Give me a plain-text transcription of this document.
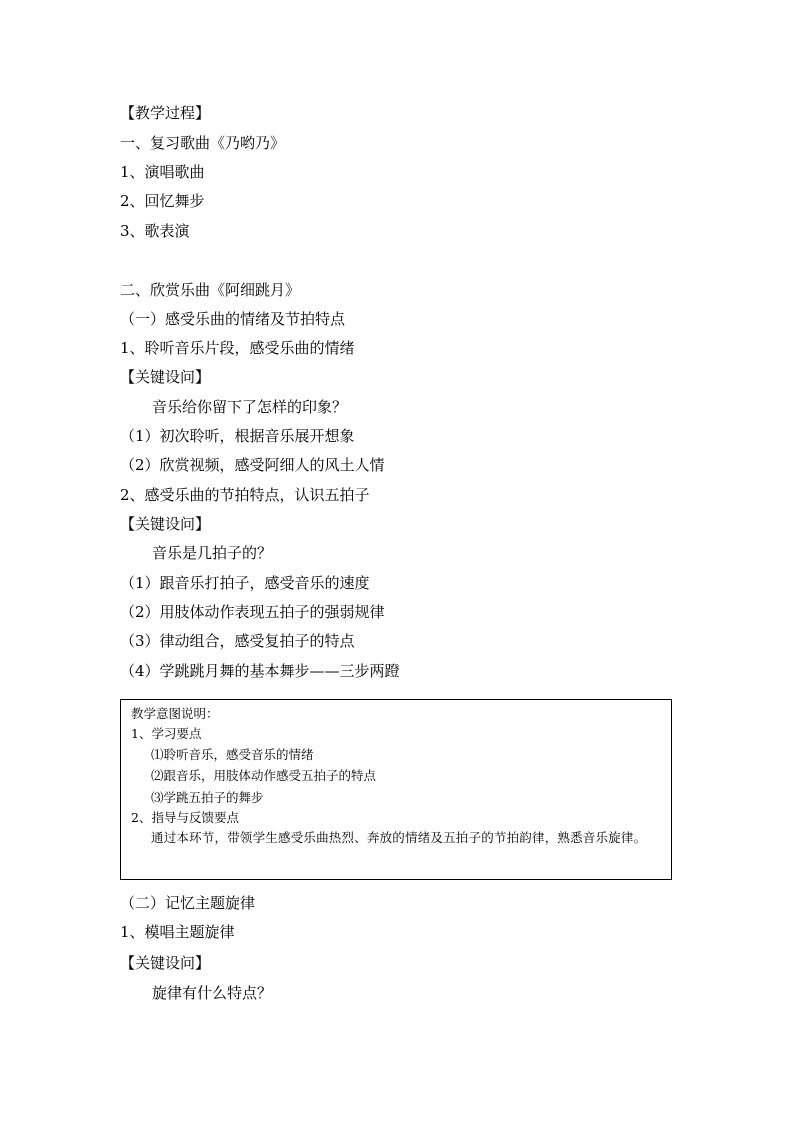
【教学过程】
一、复习歌曲《乃哟乃》
1、演唱歌曲
2、回忆舞步
3、歌表演
二、欣赏乐曲《阿细跳月》
（一）感受乐曲的情绪及节拍特点
1、聆听音乐片段，感受乐曲的情绪
【关键设问】
音乐给你留下了怎样的印象？
（1）初次聆听，根据音乐展开想象
（2）欣赏视频，感受阿细人的风土人情
2、感受乐曲的节拍特点，认识五拍子
【关键设问】
音乐是几拍子的？
（1）跟音乐打拍子，感受音乐的速度
（2）用肢体动作表现五拍子的强弱规律
（3）律动组合，感受复拍子的特点
（4）学跳跳月舞的基本舞步——三步两蹬
教学意图说明：
1、学习要点
⑴聆听音乐，感受音乐的情绪
⑵跟音乐，用肢体动作感受五拍子的特点
⑶学跳五拍子的舞步
2、指导与反馈要点
通过本环节，带领学生感受乐曲热烈、奔放的情绪及五拍子的节拍韵律，熟悉音乐旋律。
（二）记忆主题旋律
1、模唱主题旋律
【关键设问】
旋律有什么特点？
